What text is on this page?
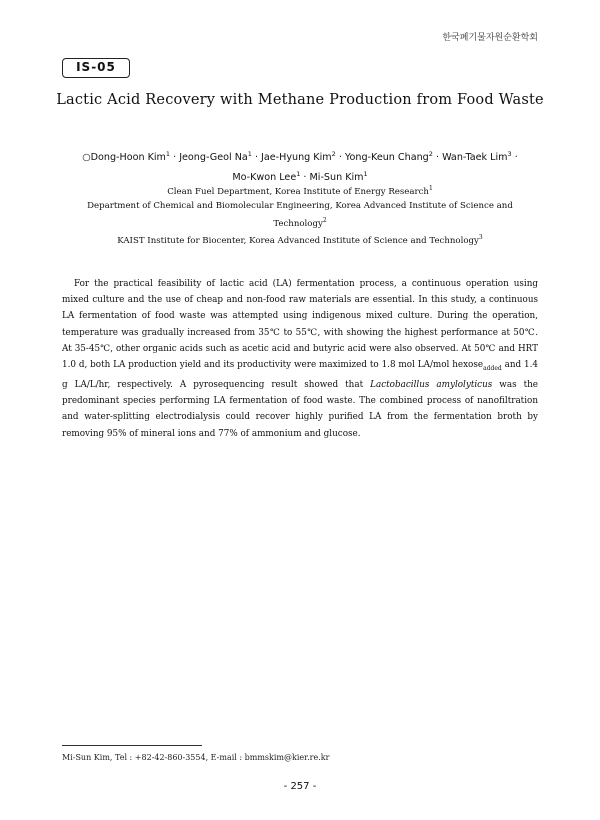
한국폐기물자원순환학회
IS-05
Lactic Acid Recovery with Methane Production from Food Waste
○Dong-Hoon Kim$^1$ · Jeong-Geol $Na^1$ · Jae-Hyung Kim$^2$ · Yong-Keun Chang$^2$ · Wan-Taek Lim$^3$ ·
Mo-Kwon Lee$^1$ · Mi-Sun Kim$^1$
Clean Fuel Department, Korea Institute of Energy Research$^1$
Department of Chemical and Biomolecular Engineering, Korea Advanced Institute of Science and Technology$^2$
KAIST Institute for Biocenter, Korea Advanced Institute of Science and Technology$^3$

For the practical feasibility of lactic acid (LA) fermentation process, a continuous operation using mixed culture and the use of cheap and non-food raw materials are essential. In this study, a continuous LA fermentation of food waste was attempted using indigenous mixed culture. During the operation, temperature was gradually increased from 35℃ to 55℃, with showing the highest performance at 50℃. At 35-45℃, other organic acids such as acetic acid and butyric acid were also observed. At 50℃ and HRT 1.0 d, both LA production yield and its productivity were maximized to 1.8 mol LA/mol hexose$_{added}$ and 1.4 g LA/L/hr, respectively. A pyrosequencing result showed that Lactobacillus amylolyticus was the predominant species performing LA fermentation of food waste. The combined process of nanofiltration and water-splitting electrodialysis could recover highly purified LA from the fermentation broth by removing 95% of mineral ions and 77% of ammonium and glucose.

Mi-Sun Kim, Tel : +82-42-860-3554, E-mail : bmmskim@kier.re.kr
- 257 -
